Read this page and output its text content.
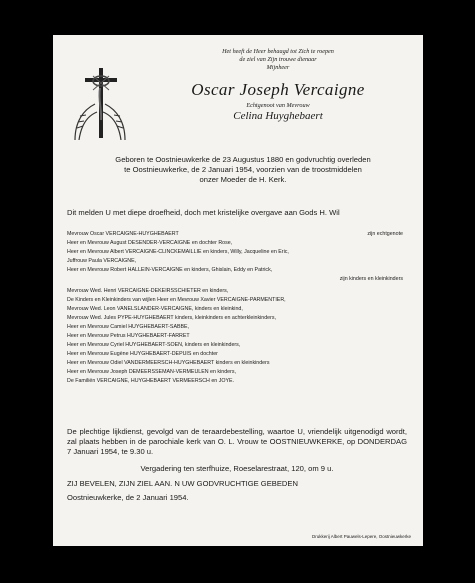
Het heeft de Heer behaagd tot Zich te roepen
de ziel van Zijn trouwe dienaar
Mijnheer
Oscar Joseph Vercaigne
Echtgenoot van Mevrouw
Celina Huyghebaert
Geboren te Oostnieuwkerke de 23 Augustus 1880 en godvruchtig overleden
te Oostnieuwkerke, de 2 Januari 1954, voorzien van de troostmiddelen
onzer Moeder de H. Kerk.
Dit melden U met diepe droefheid, doch met kristelijke overgave aan Gods H. Wil
Mevrouw Oscar VERCAIGNE-HUYGHEBAERT	zijn echtgenote
Heer en Mevrouw August DESENDER-VERCAIGNE en dochter Rose,
Heer en Mevrouw Albert VERCAIGNE-CLINCKEMAILLIE en kinders, Willy, Jacqueline en Eric,
Juffrouw Paula VERCAIGNE,
Heer en Mevrouw Robert HALLEIN-VERCAIGNE en kinders, Ghislain, Eddy en Patrick,
zijn kinders en kleinkinders
Mevrouw Wed. Henri VERCAIGNE-DEKEIRSSCHIETER en kinders,
De Kinders en Kleinkinders van wijlen Heer en Mevrouw Xavier VERCAIGNE-PARMENTIER,
Mevrouw Wed. Leon VANELSLANDER-VERCAIGNE, kinders en kleinkind,
Mevrouw Wed. Jules PYPE-HUYGHEBAERT kinders, kleinkinders en achterkleinkinders,
Heer en Mevrouw Camiel HUYGHEBAERT-SABBE,
Heer en Mevrouw Petrus HUYGHEBAERT-FARRET
Heer en Mevrouw Cyriel HUYGHEBAERT-SOEN, kinders en kleinkinders,
Heer en Mevrouw Eugène HUYGHEBAERT-DEPUIS en dochter
Heer en Mevrouw Odiel VANDERMEERSCH-HUYGHEBAERT kinders en kleinkinders
Heer en Mevrouw Joseph DEMEERSSEMAN-VERMEULEN en kinders,
De Familiën VERCAIGNE, HUYGHEBAERT VERMEERSCH en JOYE.
De plechtige lijkdienst, gevolgd van de teraardebestelling, waartoe U, vriendelijk uitgenodigd wordt, zal plaats hebben in de parochiale kerk van O. L. Vrouw te OOSTNIEUWKERKE, op DONDERDAG 7 Januari 1954, te 9.30 u.
Vergadering ten sterfhuize, Roeselarestraat, 120, om 9 u.
ZIJ BEVELEN, ZIJN ZIEL AAN. N UW GODVRUCHTIGE GEBEDEN
Oostnieuwkerke, de 2 Januari 1954.
Drukkerij Albert Pauwels-Lepere, Oostnieuwkerke
